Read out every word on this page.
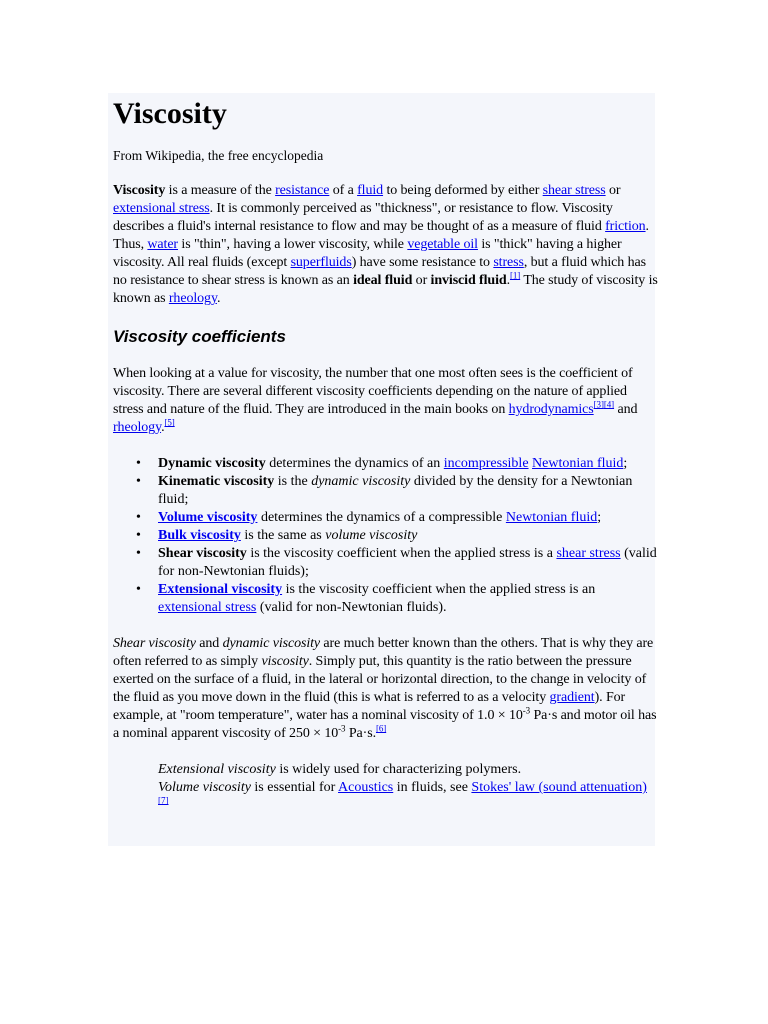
Viscosity
From Wikipedia, the free encyclopedia

Viscosity is a measure of the resistance of a fluid to being deformed by either shear stress or extensional stress. It is commonly perceived as "thickness", or resistance to flow. Viscosity describes a fluid's internal resistance to flow and may be thought of as a measure of fluid friction. Thus, water is "thin", having a lower viscosity, while vegetable oil is "thick" having a higher viscosity. All real fluids (except superfluids) have some resistance to stress, but a fluid which has no resistance to shear stress is known as an ideal fluid or inviscid fluid.[1] The study of viscosity is known as rheology.

Viscosity coefficients

When looking at a value for viscosity, the number that one most often sees is the coefficient of viscosity. There are several different viscosity coefficients depending on the nature of applied stress and nature of the fluid. They are introduced in the main books on hydrodynamics[3][4] and rheology.[5]

• Dynamic viscosity determines the dynamics of an incompressible Newtonian fluid;
• Kinematic viscosity is the dynamic viscosity divided by the density for a Newtonian fluid;
• Volume viscosity determines the dynamics of a compressible Newtonian fluid;
• Bulk viscosity is the same as volume viscosity
• Shear viscosity is the viscosity coefficient when the applied stress is a shear stress (valid for non-Newtonian fluids);
• Extensional viscosity is the viscosity coefficient when the applied stress is an extensional stress (valid for non-Newtonian fluids).

Shear viscosity and dynamic viscosity are much better known than the others. That is why they are often referred to as simply viscosity. Simply put, this quantity is the ratio between the pressure exerted on the surface of a fluid, in the lateral or horizontal direction, to the change in velocity of the fluid as you move down in the fluid (this is what is referred to as a velocity gradient). For example, at "room temperature", water has a nominal viscosity of $1.0 \times 10^{-3}$ Pa·s and motor oil has a nominal apparent viscosity of $250 \times 10^{-3}$ Pa·s.[6]

Extensional viscosity is widely used for characterizing polymers.
Volume viscosity is essential for Acoustics in fluids, see Stokes' law (sound attenuation) [7]
